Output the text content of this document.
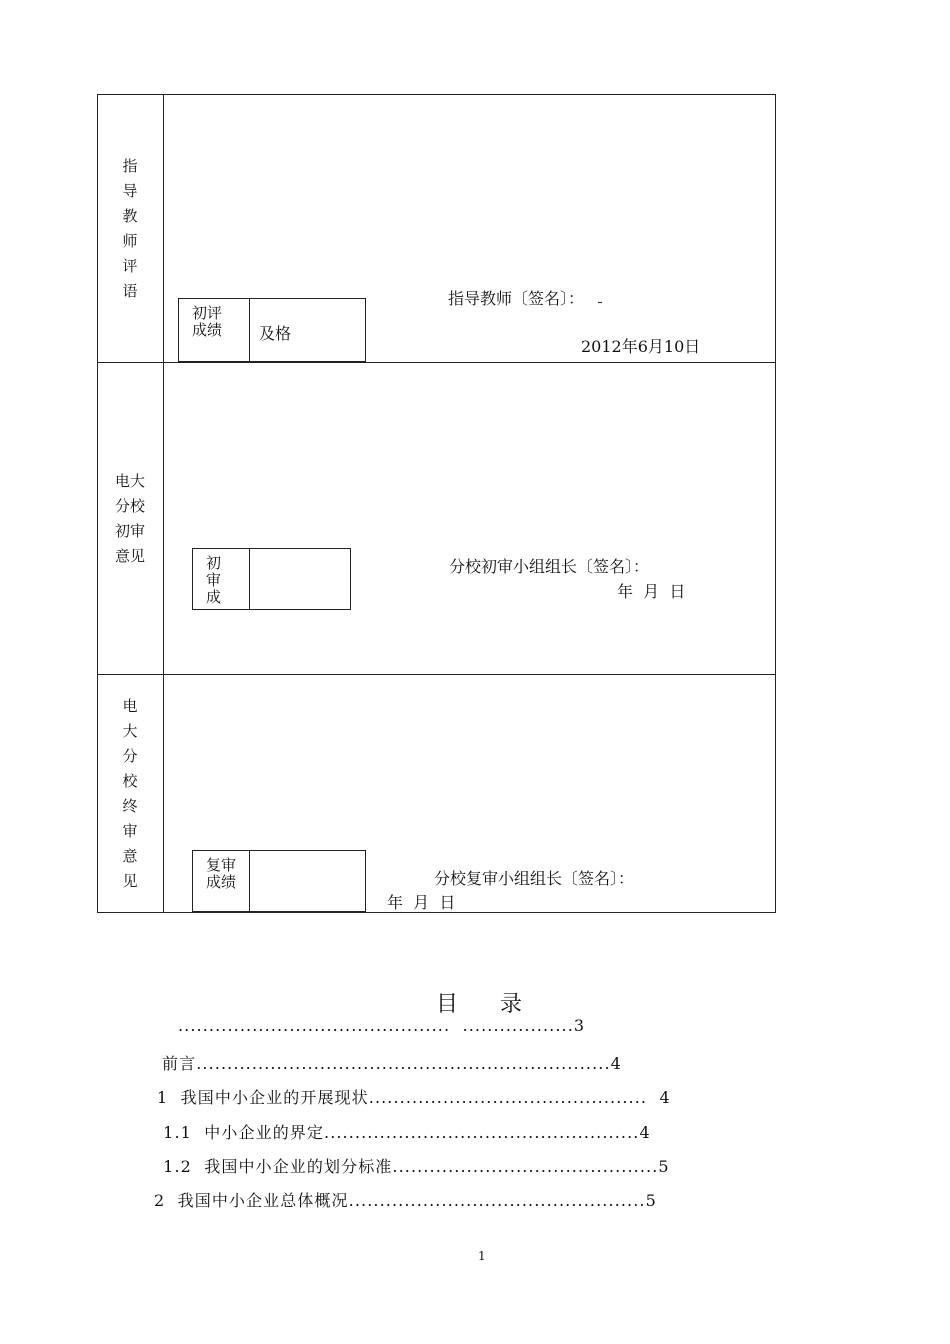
指
导
教
师
评
语
初评
成绩 及格
指导教师〔签名〕：
2012年6月10日
电大
分校
初审
意见	初
审
成
分校初审小组组长〔签名〕：
年  月  日
电
大
分
校
终
审
意
见
复审
成绩	分校复审小组组长〔签名〕：
年  月  日
目      录
............................................  ..................3
前言...................................................................4
1  我国中小企业的开展现状.............................................  4
1.1  中小企业的界定...................................................4
1.2  我国中小企业的划分标准...........................................5
2  我国中小企业总体概况................................................5
1
